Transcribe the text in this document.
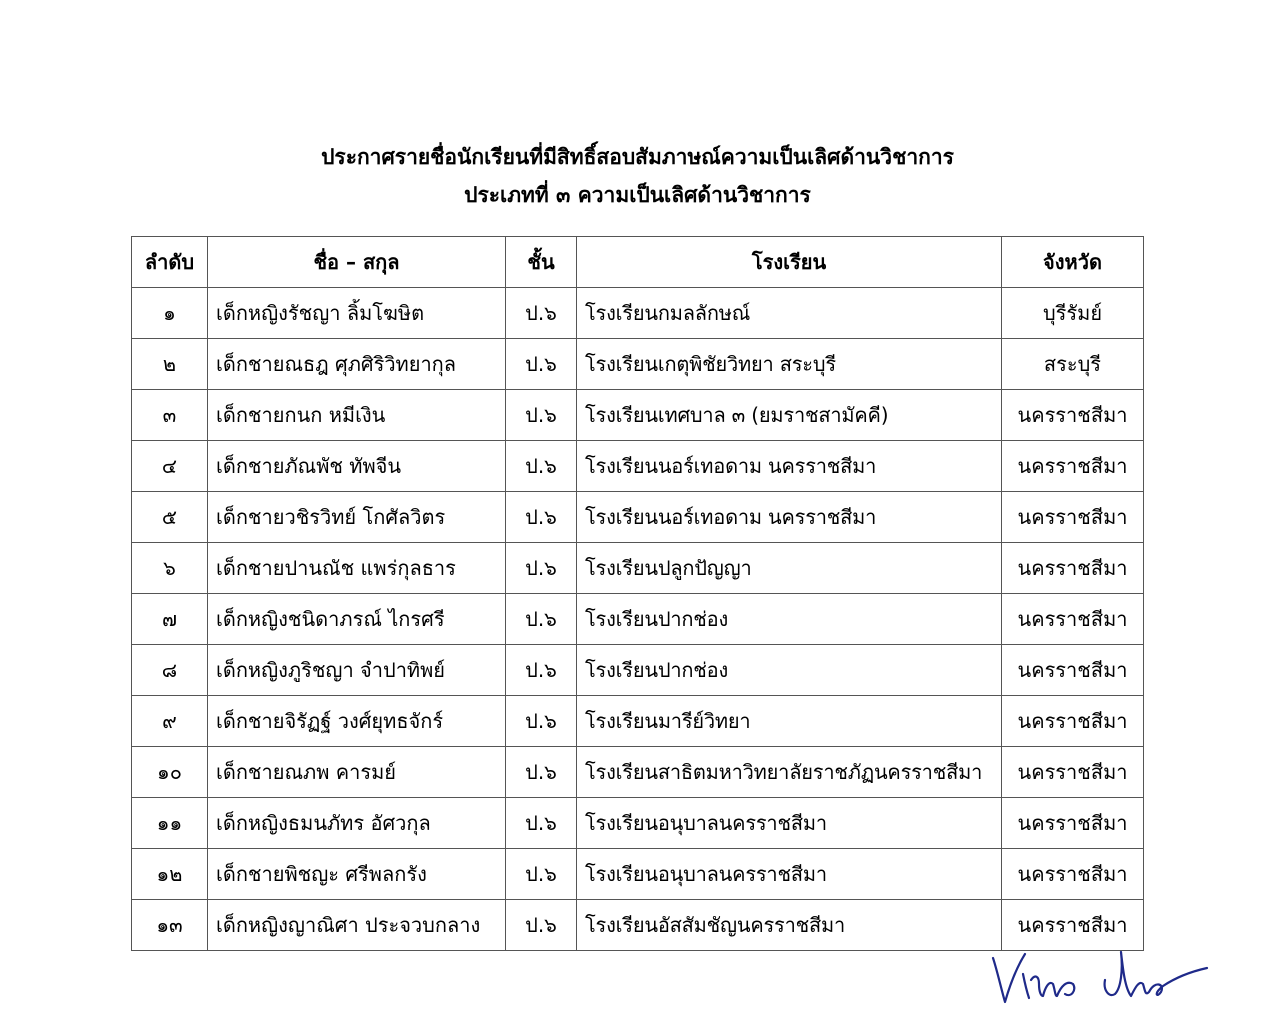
ประกาศรายชื่อนักเรียนที่มีสิทธิ์สอบสัมภาษณ์ความเป็นเลิศด้านวิชาการ
ประเภทที่ ๓ ความเป็นเลิศด้านวิชาการ
ลำดับ	ชื่อ – สกุล	ชั้น	โรงเรียน	จังหวัด
๑	เด็กหญิงรัชญา ลิ้มโฆษิต	ป.๖	โรงเรียนกมลลักษณ์	บุรีรัมย์
๒	เด็กชายณธฎ ศุภศิริวิทยากุล	ป.๖	โรงเรียนเกตุพิชัยวิทยา สระบุรี	สระบุรี
๓	เด็กชายกนก หมีเงิน	ป.๖	โรงเรียนเทศบาล ๓ (ยมราชสามัคคี)	นครราชสีมา
๔	เด็กชายภัณพัช ทัพจีน	ป.๖	โรงเรียนนอร์เทอดาม นครราชสีมา	นครราชสีมา
๕	เด็กชายวชิรวิทย์ โกศัลวิตร	ป.๖	โรงเรียนนอร์เทอดาม นครราชสีมา	นครราชสีมา
๖	เด็กชายปานณัช แพร่กุลธาร	ป.๖	โรงเรียนปลูกปัญญา	นครราชสีมา
๗	เด็กหญิงชนิดาภรณ์ ไกรศรี	ป.๖	โรงเรียนปากช่อง	นครราชสีมา
๘	เด็กหญิงภูริชญา จำปาทิพย์	ป.๖	โรงเรียนปากช่อง	นครราชสีมา
๙	เด็กชายจิรัฏฐ์ วงศ์ยุทธจักร์	ป.๖	โรงเรียนมารีย์วิทยา	นครราชสีมา
๑๐	เด็กชายณภพ คารมย์	ป.๖	โรงเรียนสาธิตมหาวิทยาลัยราชภัฏนครราชสีมา	นครราชสีมา
๑๑	เด็กหญิงธมนภัทร อัศวกุล	ป.๖	โรงเรียนอนุบาลนครราชสีมา	นครราชสีมา
๑๒	เด็กชายพิชญะ ศรีพลกรัง	ป.๖	โรงเรียนอนุบาลนครราชสีมา	นครราชสีมา
๑๓	เด็กหญิงญาณิศา ประจวบกลาง	ป.๖	โรงเรียนอัสสัมชัญนครราชสีมา	นครราชสีมา
